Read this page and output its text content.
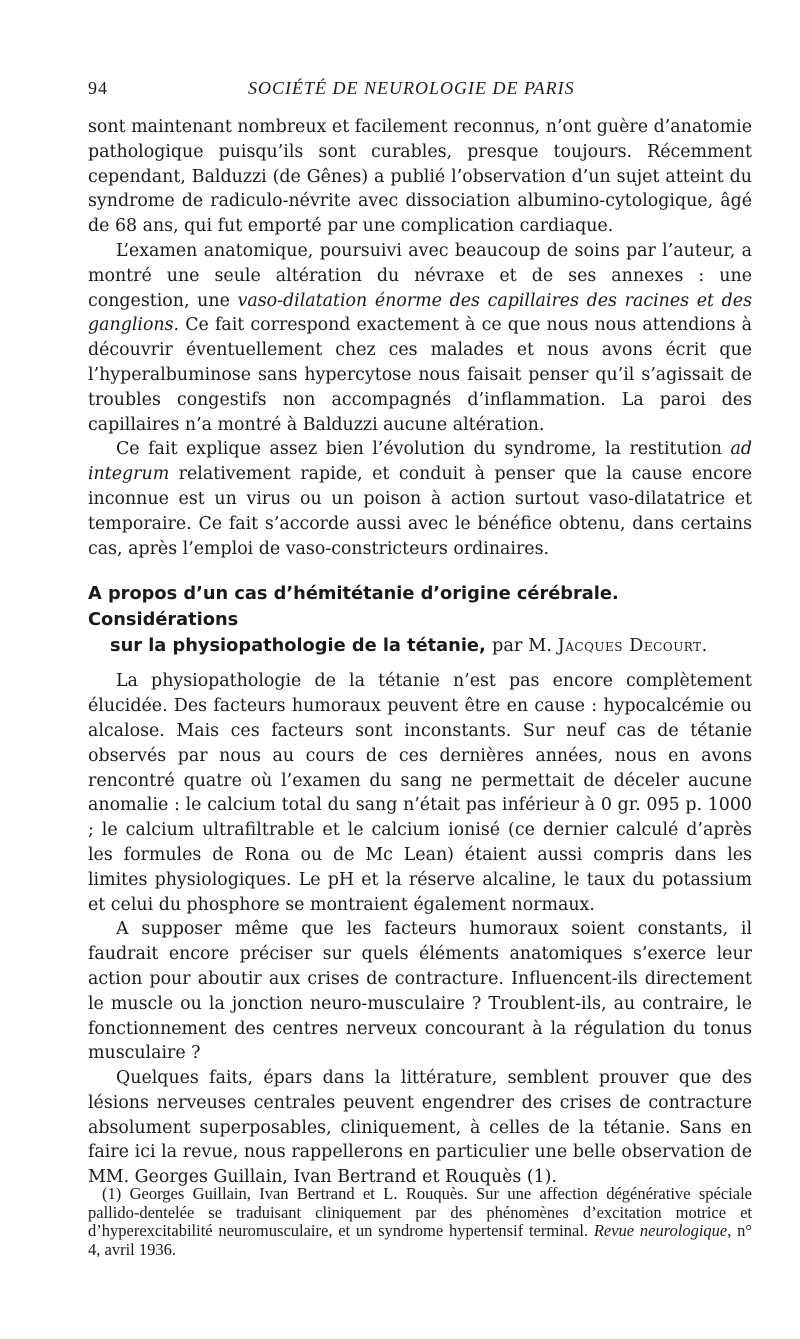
94	SOCIÉTÉ DE NEUROLOGIE DE PARIS

sont maintenant nombreux et facilement reconnus, n’ont guère d’anatomie pathologique puisqu’ils sont curables, presque toujours. Récemment cependant, Balduzzi (de Gênes) a publié l’observation d’un sujet atteint du syndrome de radiculo-névrite avec dissociation albumino-cytologique, âgé de 68 ans, qui fut emporté par une complication cardiaque.

L’examen anatomique, poursuivi avec beaucoup de soins par l’auteur, a montré une seule altération du névraxe et de ses annexes : une congestion, une vaso-dilatation énorme des capillaires des racines et des ganglions. Ce fait correspond exactement à ce que nous nous attendions à découvrir éventuellement chez ces malades et nous avons écrit que l’hyperalbuminose sans hypercytose nous faisait penser qu’il s’agissait de troubles congestifs non accompagnés d’inflammation. La paroi des capillaires n’a montré à Balduzzi aucune altération.

Ce fait explique assez bien l’évolution du syndrome, la restitution ad integrum relativement rapide, et conduit à penser que la cause encore inconnue est un virus ou un poison à action surtout vaso-dilatatrice et temporaire. Ce fait s’accorde aussi avec le bénéfice obtenu, dans certains cas, après l’emploi de vaso-constricteurs ordinaires.

A propos d’un cas d’hémitétanie d’origine cérébrale. Considérations
sur la physiopathologie de la tétanie, par M. Jacques Decourt.

La physiopathologie de la tétanie n’est pas encore complètement élucidée. Des facteurs humoraux peuvent être en cause : hypocalcémie ou alcalose. Mais ces facteurs sont inconstants. Sur neuf cas de tétanie observés par nous au cours de ces dernières années, nous en avons rencontré quatre où l’examen du sang ne permettait de déceler aucune anomalie : le calcium total du sang n’était pas inférieur à 0 gr. 095 p. 1000 ; le calcium ultrafiltrable et le calcium ionisé (ce dernier calculé d’après les formules de Rona ou de Mc Lean) étaient aussi compris dans les limites physiologiques. Le pH et la réserve alcaline, le taux du potassium et celui du phosphore se montraient également normaux.

A supposer même que les facteurs humoraux soient constants, il faudrait encore préciser sur quels éléments anatomiques s’exerce leur action pour aboutir aux crises de contracture. Influencent-ils directement le muscle ou la jonction neuro-musculaire ? Troublent-ils, au contraire, le fonctionnement des centres nerveux concourant à la régulation du tonus musculaire ?

Quelques faits, épars dans la littérature, semblent prouver que des lésions nerveuses centrales peuvent engendrer des crises de contracture absolument superposables, cliniquement, à celles de la tétanie. Sans en faire ici la revue, nous rappellerons en particulier une belle observation de MM. Georges Guillain, Ivan Bertrand et Rouquès (1).

(1) Georges Guillain, Ivan Bertrand et L. Rouquès. Sur une affection dégénérative spéciale pallido-dentelée se traduisant cliniquement par des phénomènes d’excitation motrice et d’hyperexcitabilité neuromusculaire, et un syndrome hypertensif terminal. Revue neurologique, n° 4, avril 1936.
